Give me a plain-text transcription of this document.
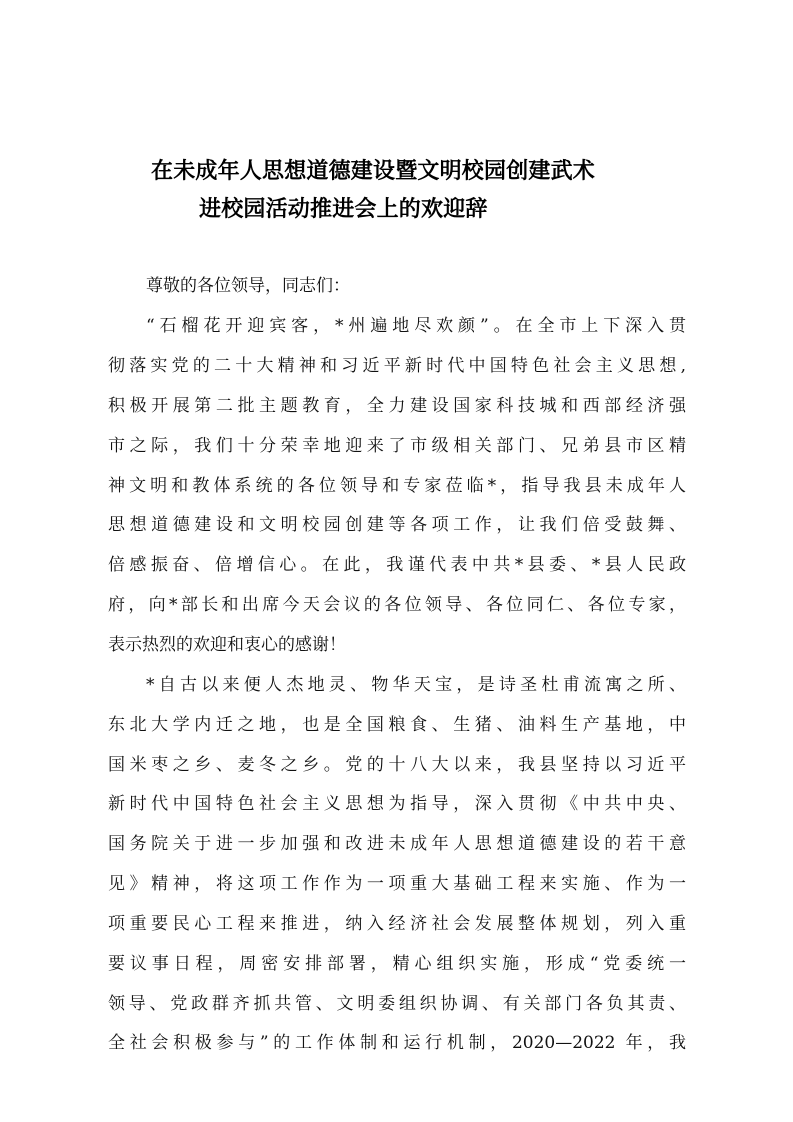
在未成年人思想道德建设暨文明校园创建武术
进校园活动推进会上的欢迎辞
尊敬的各位领导，同志们：
“石榴花开迎宾客，*州遍地尽欢颜”。在全市上下深入贯
彻落实党的二十大精神和习近平新时代中国特色社会主义思想,
积极开展第二批主题教育，全力建设国家科技城和西部经济强
市之际，我们十分荣幸地迎来了市级相关部门、兄弟县市区精
神文明和教体系统的各位领导和专家莅临*，指导我县未成年人
思想道德建设和文明校园创建等各项工作，让我们倍受鼓舞、
倍感振奋、倍增信心。在此，我谨代表中共*县委、*县人民政
府，向*部长和出席今天会议的各位领导、各位同仁、各位专家，
表示热烈的欢迎和衷心的感谢！
*自古以来便人杰地灵、物华天宝，是诗圣杜甫流寓之所、
东北大学内迁之地，也是全国粮食、生猪、油料生产基地，中
国米枣之乡、麦冬之乡。党的十八大以来，我县坚持以习近平
新时代中国特色社会主义思想为指导，深入贯彻《中共中央、
国务院关于进一步加强和改进未成年人思想道德建设的若干意
见》精神，将这项工作作为一项重大基础工程来实施、作为一
项重要民心工程来推进，纳入经济社会发展整体规划，列入重
要议事日程，周密安排部署，精心组织实施，形成“党委统一
领导、党政群齐抓共管、文明委组织协调、有关部门各负其责、
全社会积极参与”的工作体制和运行机制，2020—2022 年，我
